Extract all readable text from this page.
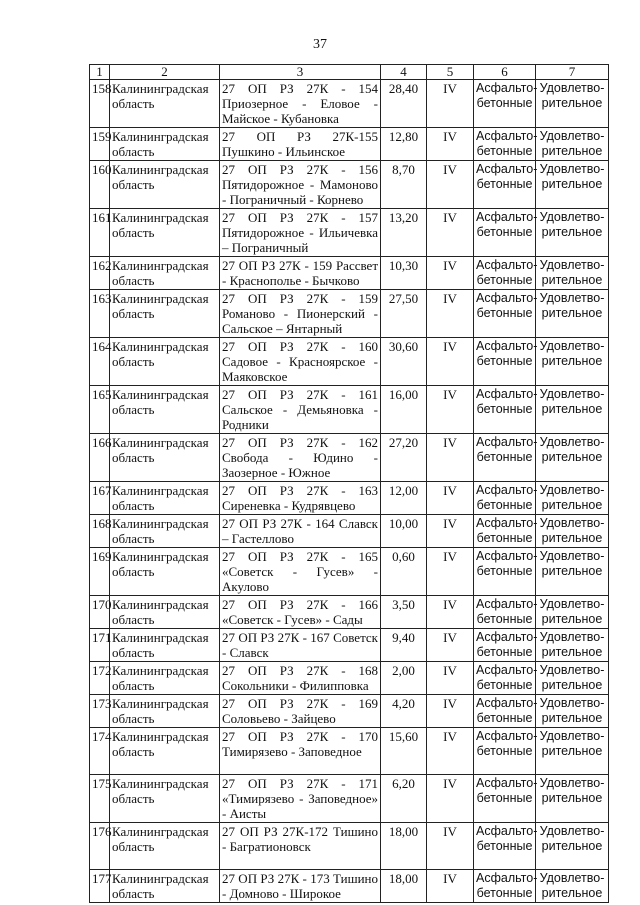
37
1	2	3	4	5	6	7

158	Калининградская область	27 ОП РЗ 27К - 154 Приозерное - Еловое - Майское - Кубановка	28,40	IV	Асфальто-бетонные	Удовлетво-рительное

159	Калининградская область	27 ОП РЗ 27К-155 Пушкино - Ильинское	12,80	IV	Асфальто-бетонные	Удовлетво-рительное

160	Калининградская область	27 ОП РЗ 27К - 156 Пятидорожное - Мамоново - Пограничный - Корнево	8,70	IV	Асфальто-бетонные	Удовлетво-рительное

161	Калининградская область	27 ОП РЗ 27К - 157 Пятидорожное - Ильичевка – Пограничный	13,20	IV	Асфальто-бетонные	Удовлетво-рительное

162	Калининградская область	27 ОП РЗ 27К - 159 Рассвет - Краснополье - Бычково	10,30	IV	Асфальто-бетонные	Удовлетво-рительное

163	Калининградская область	27 ОП РЗ 27К - 159 Романово - Пионерский - Сальское – Янтарный	27,50	IV	Асфальто-бетонные	Удовлетво-рительное

164	Калининградская область	27 ОП РЗ 27К - 160 Садовое - Красноярское - Маяковское	30,60	IV	Асфальто-бетонные	Удовлетво-рительное

165	Калининградская область	27 ОП РЗ 27К - 161 Сальское - Демьяновка - Родники	16,00	IV	Асфальто-бетонные	Удовлетво-рительное

166	Калининградская область	27 ОП РЗ 27К - 162 Свобода - Юдино - Заозерное - Южное	27,20	IV	Асфальто-бетонные	Удовлетво-рительное

167	Калининградская область	27 ОП РЗ 27К - 163 Сиреневка - Кудрявцево	12,00	IV	Асфальто-бетонные	Удовлетво-рительное

168	Калининградская область	27 ОП РЗ 27К - 164 Славск – Гастеллово	10,00	IV	Асфальто-бетонные	Удовлетво-рительное

169	Калининградская область	27 ОП РЗ 27К - 165 «Советск - Гусев» - Акулово	0,60	IV	Асфальто-бетонные	Удовлетво-рительное

170	Калининградская область	27 ОП РЗ 27К - 166 «Советск - Гусев» - Сады	3,50	IV	Асфальто-бетонные	Удовлетво-рительное

171	Калининградская область	27 ОП РЗ 27К - 167 Советск - Славск	9,40	IV	Асфальто-бетонные	Удовлетво-рительное

172	Калининградская область	27 ОП РЗ 27К - 168 Сокольники - Филипповка	2,00	IV	Асфальто-бетонные	Удовлетво-рительное

173	Калининградская область	27 ОП РЗ 27К - 169 Соловьево - Зайцево	4,20	IV	Асфальто-бетонные	Удовлетво-рительное

174	Калининградская область	27 ОП РЗ 27К - 170 Тимирязево - Заповедное	15,60	IV	Асфальто-бетонные	Удовлетво-рительное

175	Калининградская область	27 ОП РЗ 27К - 171 «Тимирязево - Заповедное» - Аисты	6,20	IV	Асфальто-бетонные	Удовлетво-рительное

176	Калининградская область	27 ОП РЗ 27К-172 Тишино - Багратионовск	18,00	IV	Асфальто-бетонные	Удовлетво-рительное

177	Калининградская область	27 ОП РЗ 27К - 173 Тишино - Домново - Широкое	18,00	IV	Асфальто-бетонные	Удовлетво-рительное
